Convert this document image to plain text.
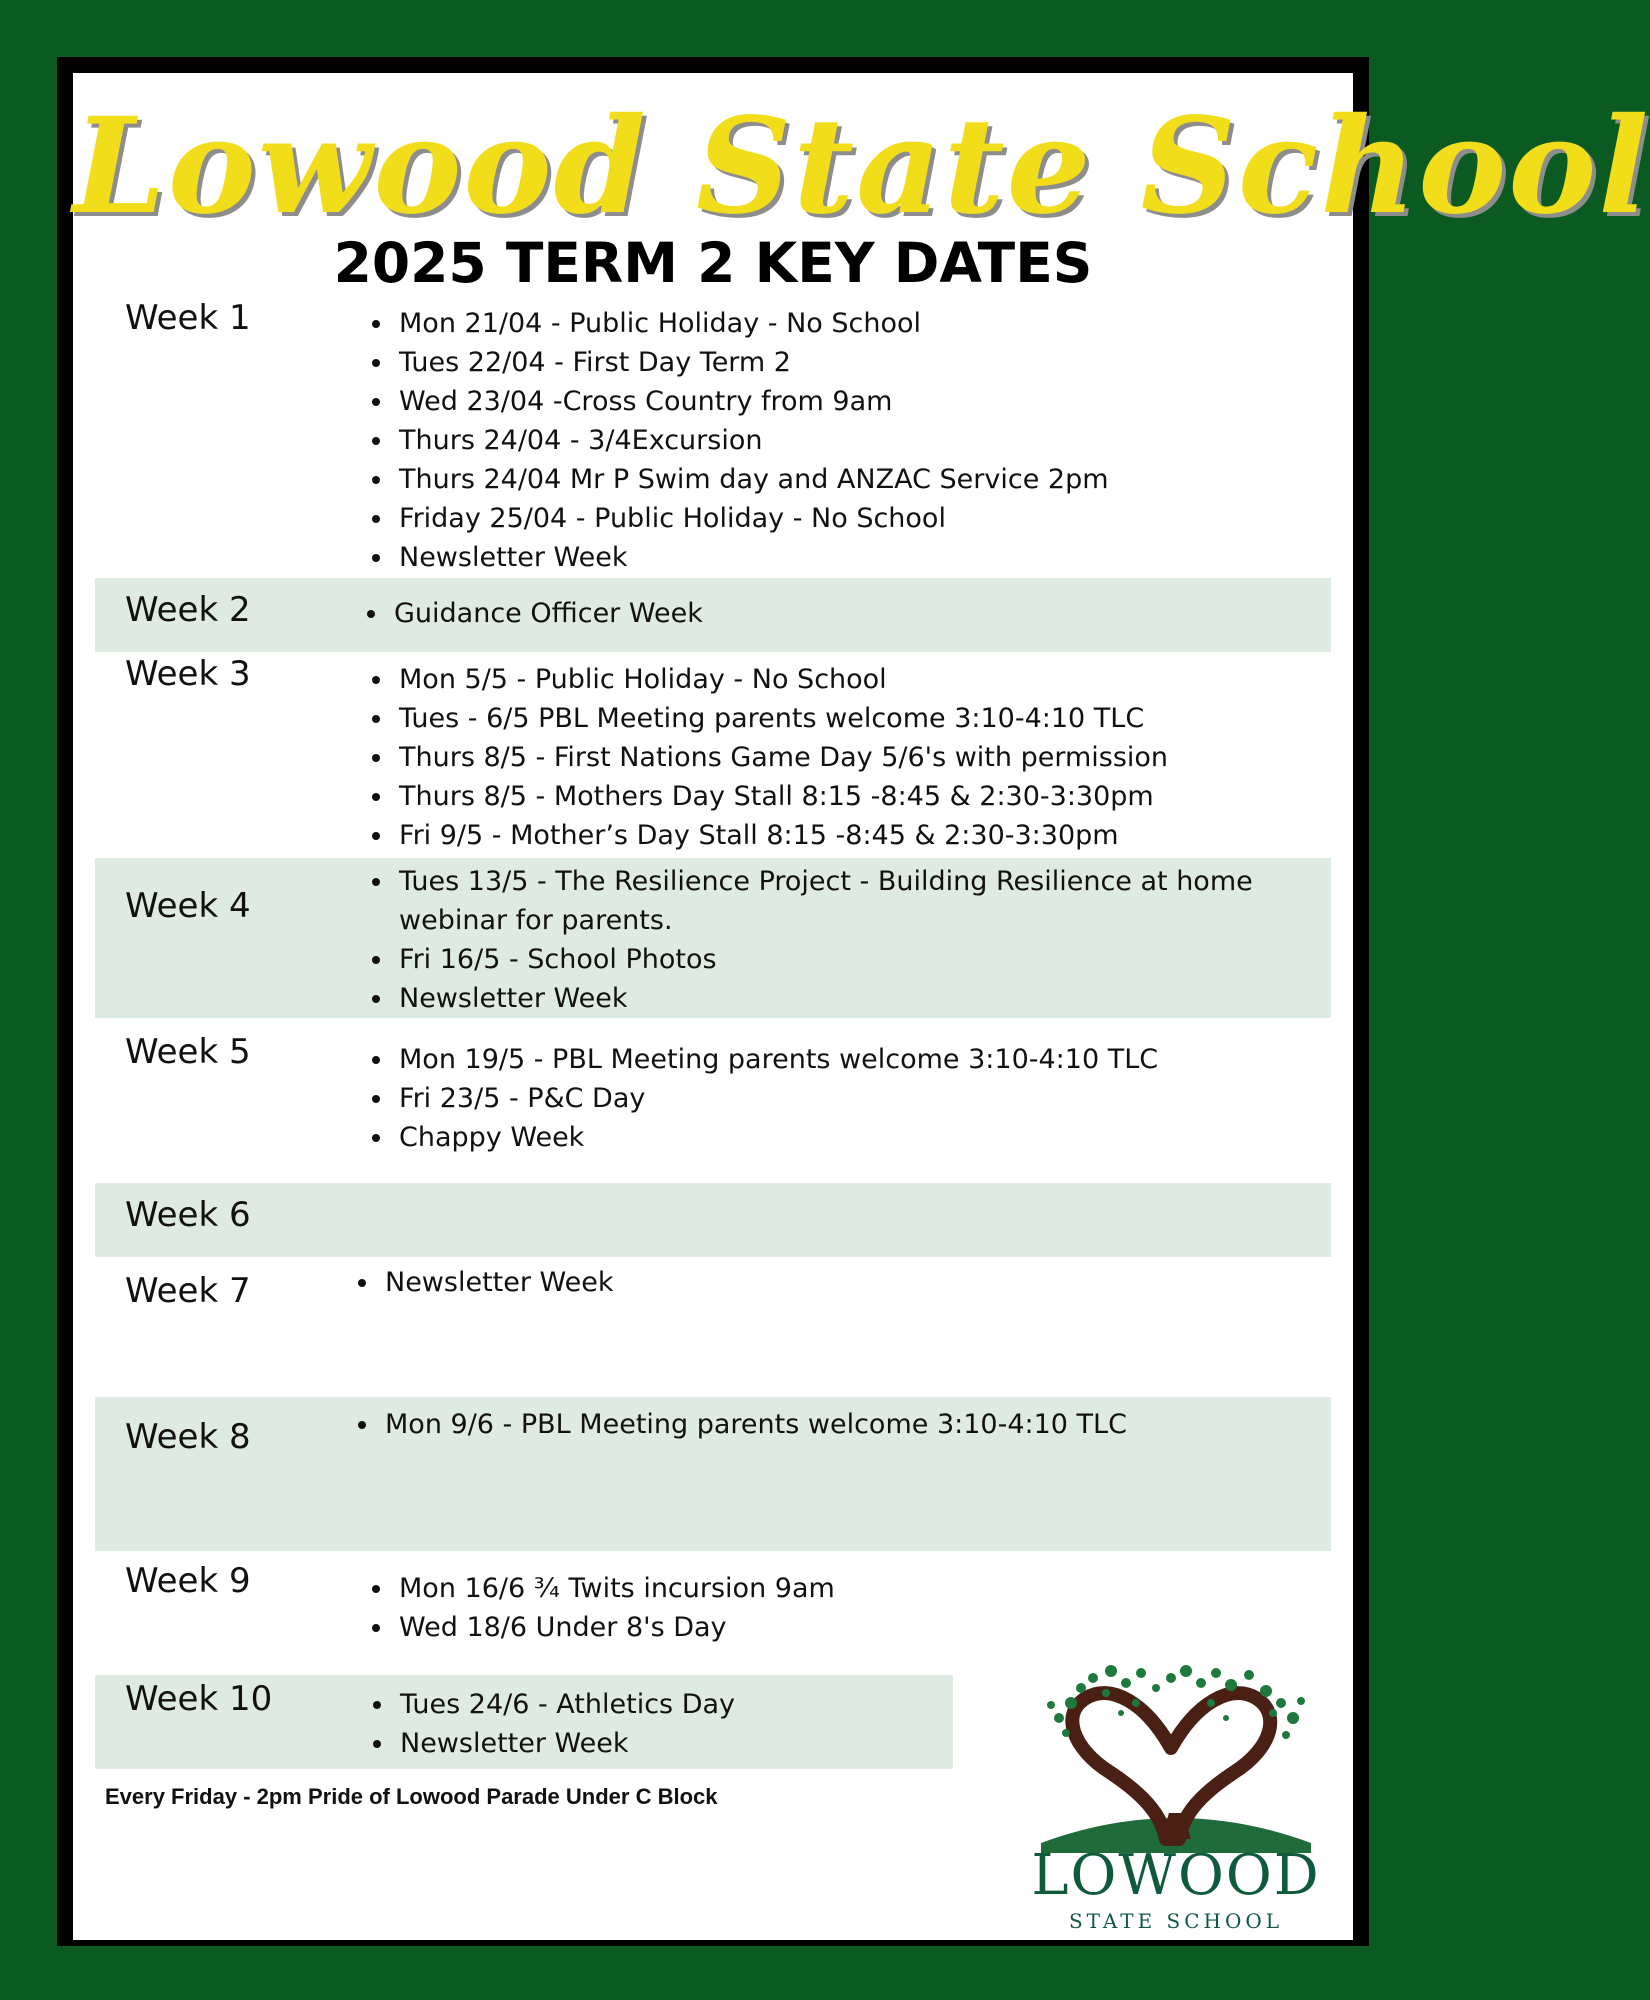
Lowood State School
2025 TERM 2 KEY DATES
Week 1	• Mon 21/04 - Public Holiday - No School
• Tues 22/04 - First Day Term 2
• Wed 23/04 -Cross Country from 9am
• Thurs 24/04 - 3/4Excursion
• Thurs 24/04 Mr P Swim day and ANZAC Service 2pm
• Friday 25/04 - Public Holiday - No School
• Newsletter Week
Week 2	• Guidance Officer Week
Week 3	• Mon 5/5 - Public Holiday - No School
• Tues - 6/5 PBL Meeting parents welcome 3:10-4:10 TLC
• Thurs 8/5 - First Nations Game Day 5/6's with permission
• Thurs 8/5 - Mothers Day Stall 8:15 -8:45 & 2:30-3:30pm
• Fri 9/5 - Mother’s Day Stall 8:15 -8:45 & 2:30-3:30pm
Week 4
• Tues 13/5 - The Resilience Project - Building Resilience at home
webinar for parents.
• Fri 16/5 - School Photos
• Newsletter Week
Week 5	• Mon 19/5 - PBL Meeting parents welcome 3:10-4:10 TLC
• Fri 23/5 - P&C Day
• Chappy Week
Week 6
Week 7	• Newsletter Week
Week 8	• Mon 9/6 - PBL Meeting parents welcome 3:10-4:10 TLC
Week 9	• Mon 16/6 ¾ Twits incursion 9am
• Wed 18/6 Under 8's Day
Week 10	• Tues 24/6 - Athletics Day
• Newsletter Week
Every Friday - 2pm Pride of Lowood Parade Under C Block
LOWOOD
STATE SCHOOL
